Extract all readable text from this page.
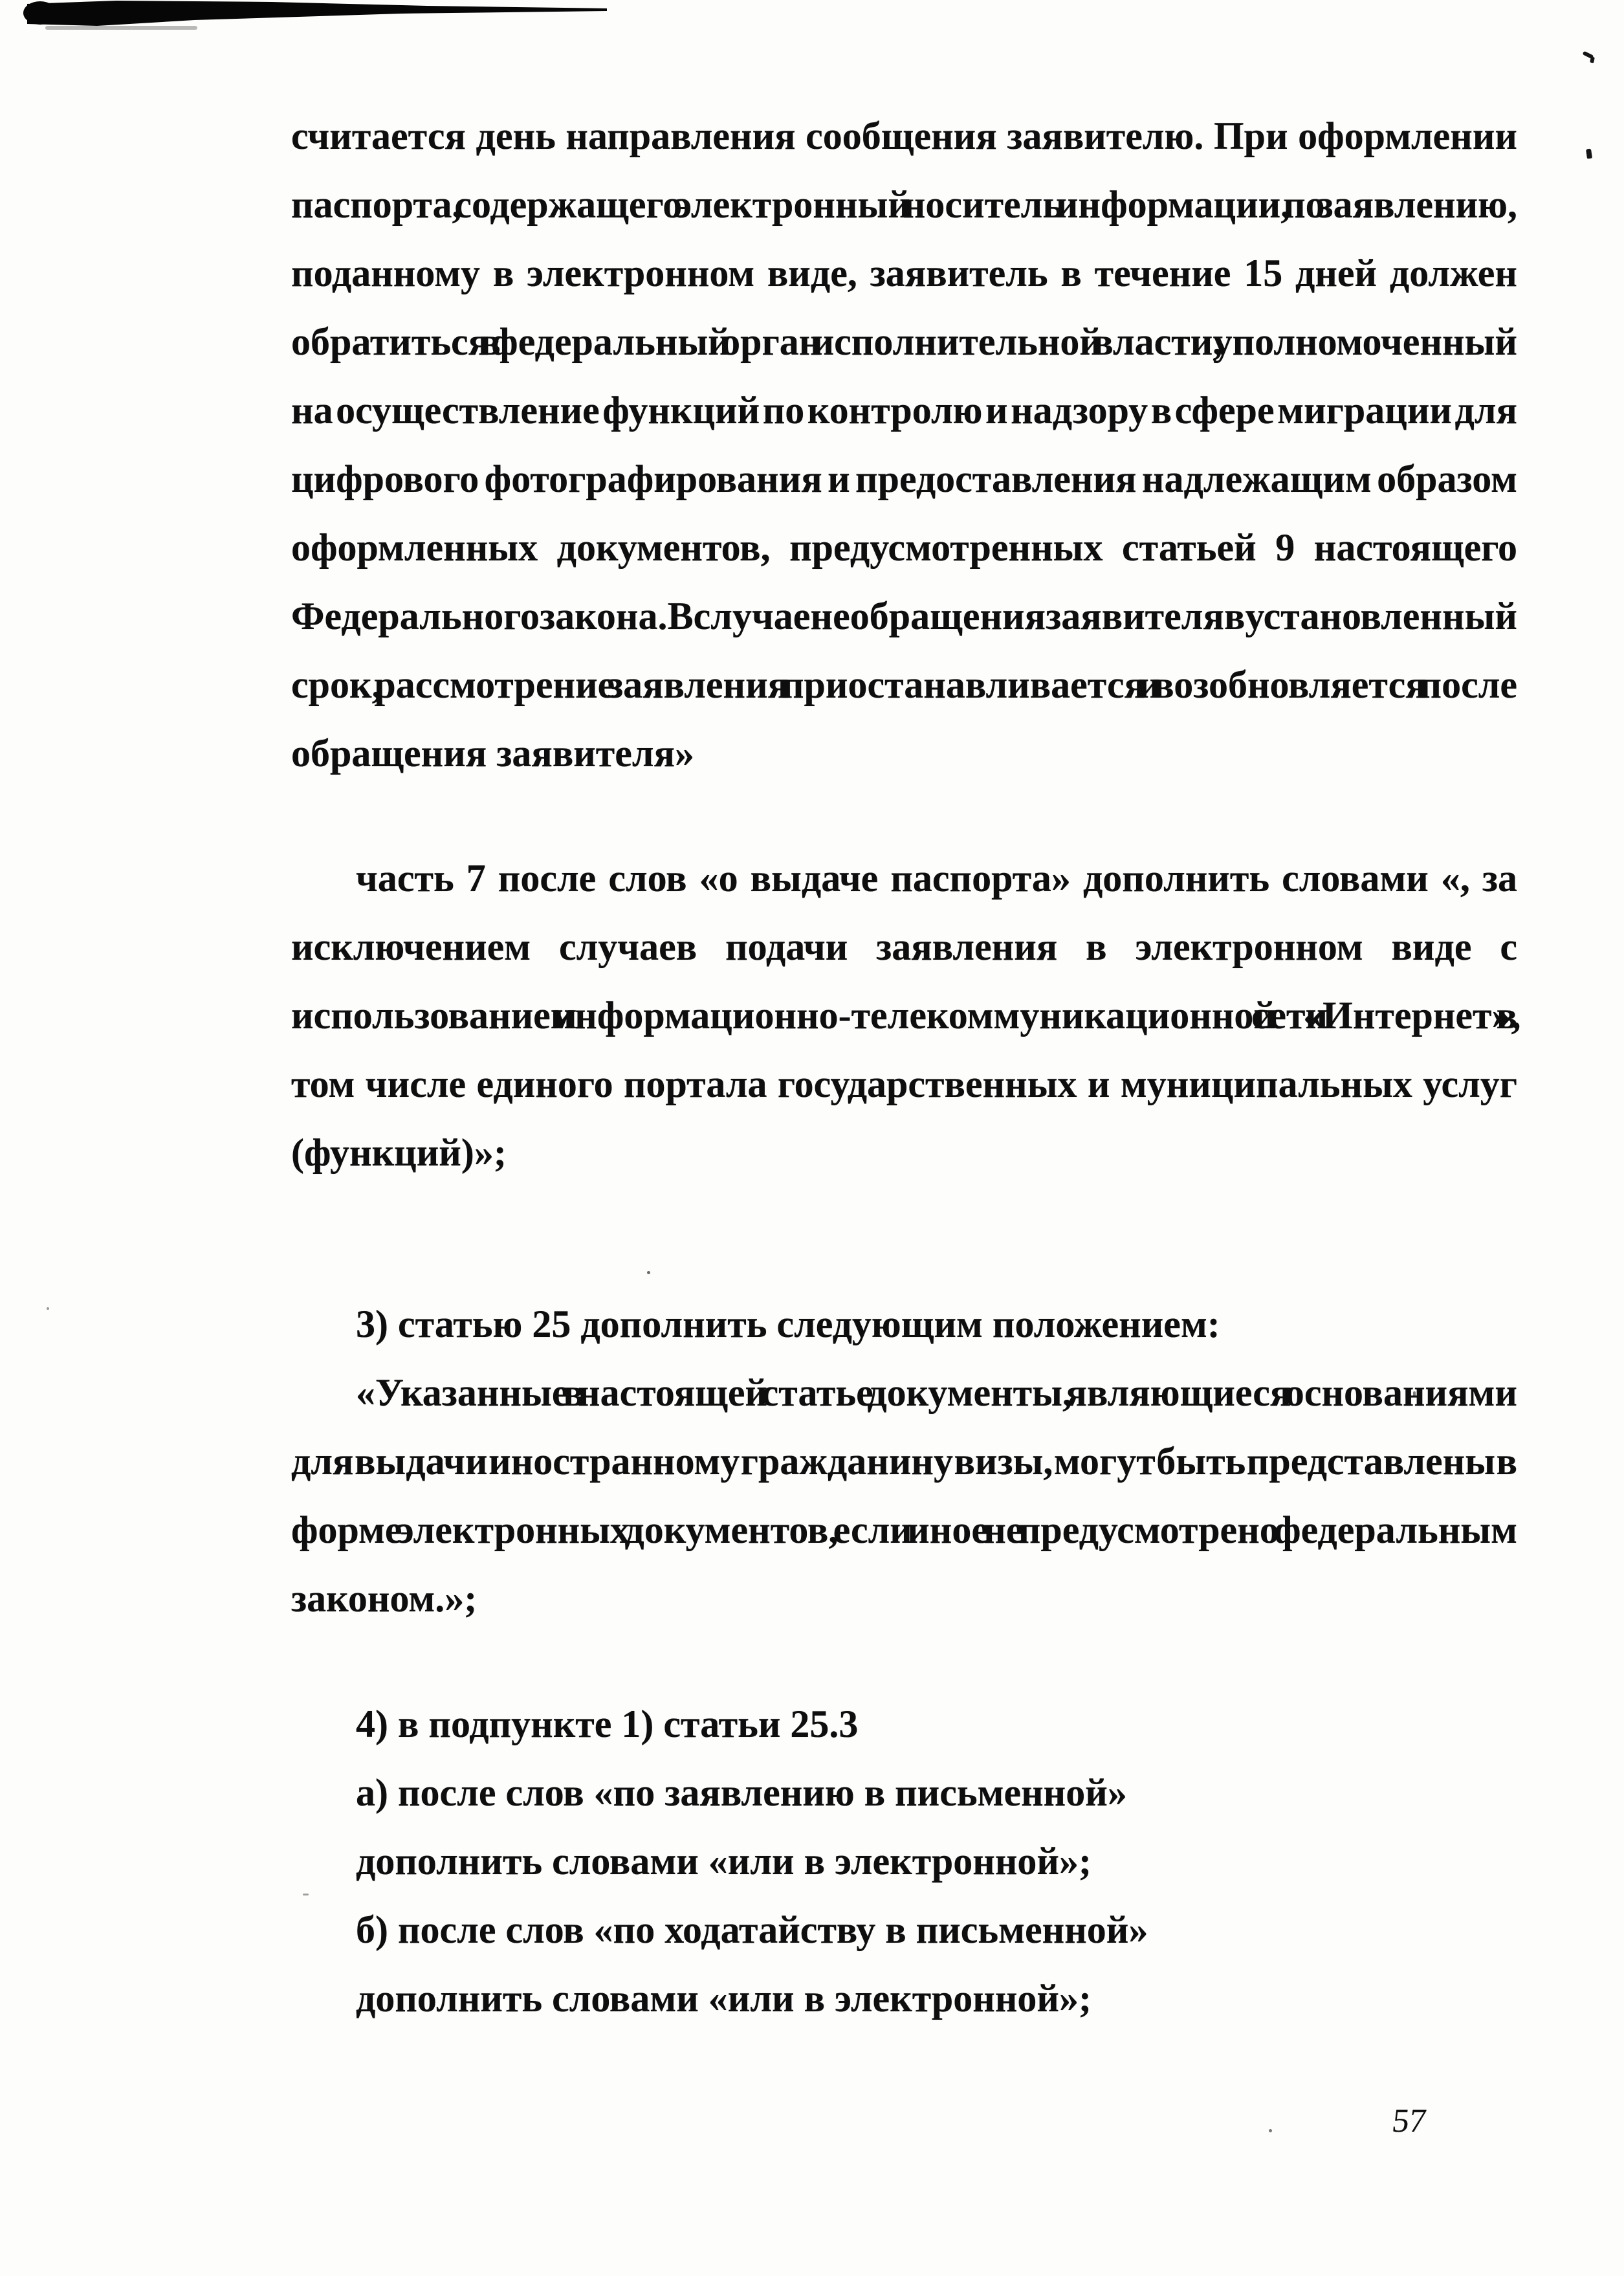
считается день направления сообщения заявителю. При оформлении
паспорта, содержащего электронный носитель информации, по заявлению,
поданному в электронном виде, заявитель в течение 15 дней должен
обратиться в федеральный орган исполнительной власти, уполномоченный
на осуществление функций по контролю и надзору в сфере миграции для
цифрового фотографирования и предоставления надлежащим образом
оформленных документов, предусмотренных статьей 9 настоящего
Федерального закона. В случае не обращения заявителя в установленный
срок, рассмотрение заявления приостанавливается и возобновляется после
обращения заявителя»
часть 7 после слов «о выдаче паспорта» дополнить словами «, за
исключением случаев подачи заявления в электронном виде с
использованием информационно-телекоммуникационной сети «Интернет», в
том числе единого портала государственных и муниципальных услуг
(функций)»;
3) статью 25 дополнить следующим положением:
«Указанные в настоящей статье документы, являющиеся основаниями
для выдачи иностранному гражданину визы, могут быть представлены в
форме электронных документов, если иное не предусмотрено федеральным
законом.»;
4) в подпункте 1) статьи 25.3
а) после слов «по заявлению в письменной»
дополнить словами «или в электронной»;
б) после слов «по ходатайству в письменной»
дополнить словами «или в электронной»;
57
